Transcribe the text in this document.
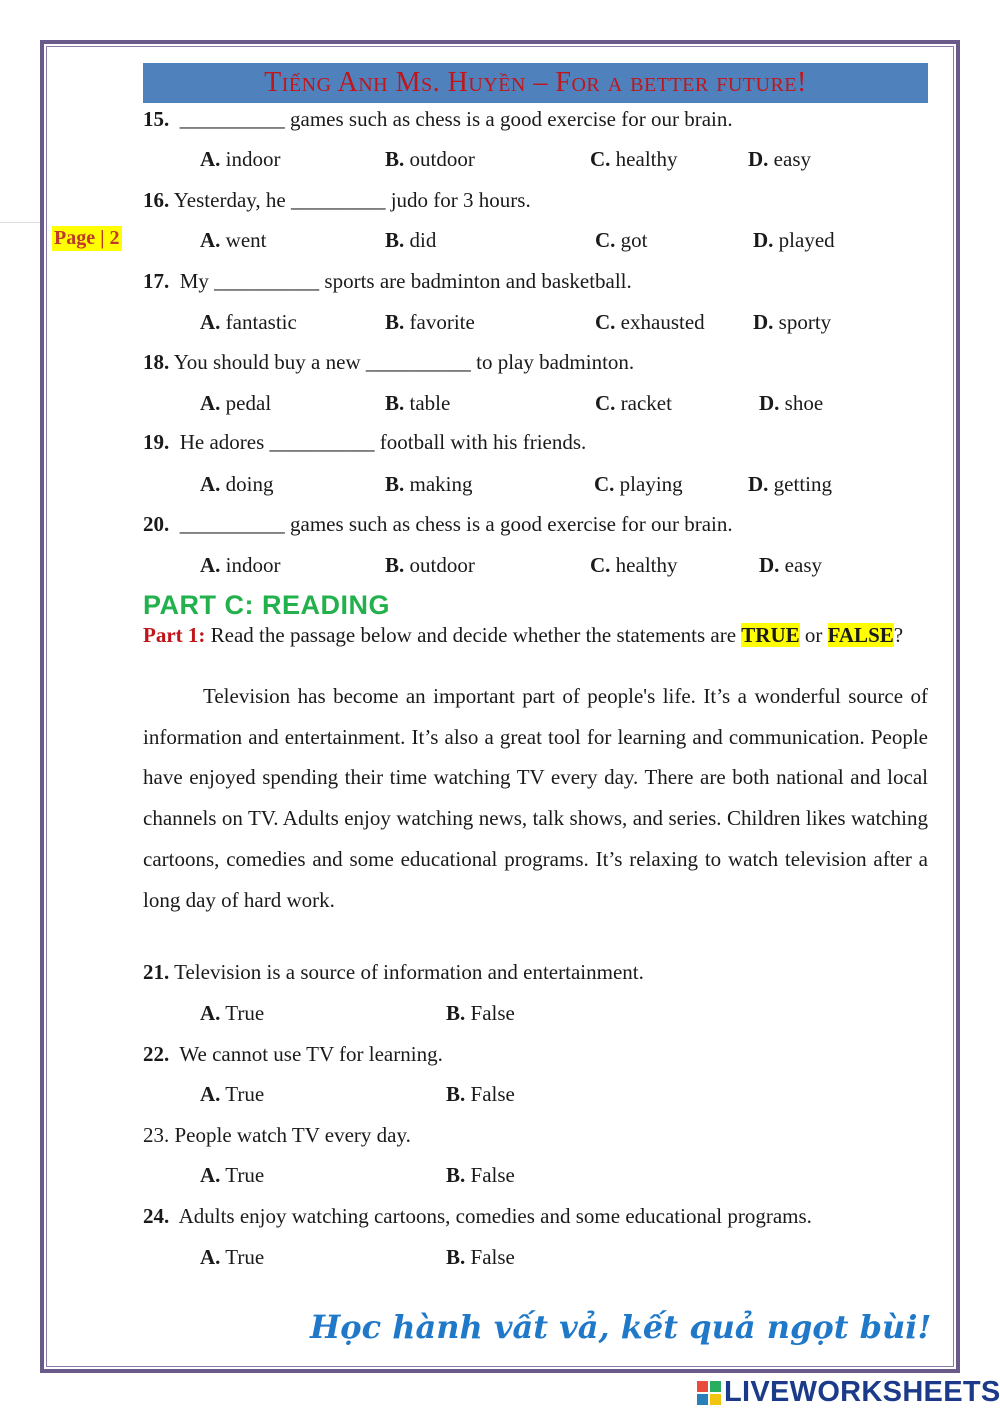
Tiếng Anh Ms. Huyền – For a better future!
Page | 2
15. __________ games such as chess is a good exercise for our brain.
A. indoor	B. outdoor	C. healthy	D. easy
16. Yesterday, he _________ judo for 3 hours.
A. went	B. did	C. got	D. played
17. My __________ sports are badminton and basketball.
A. fantastic	B. favorite	C. exhausted D. sporty
18. You should buy a new __________ to play badminton.
A. pedal	B. table	C. racket	D. shoe
19. He adores __________ football with his friends.
A. doing	B. making	C. playing	D. getting
20. __________ games such as chess is a good exercise for our brain.
A. indoor	B. outdoor	C. healthy	D. easy
PART C: READING
Part 1: Read the passage below and decide whether the statements are TRUE or FALSE?
Television has become an important part of people's life. It’s a wonderful source of information and entertainment. It’s also a great tool for learning and communication. People have enjoyed spending their time watching TV every day. There are both national and local channels on TV. Adults enjoy watching news, talk shows, and series. Children likes watching cartoons, comedies and some educational programs. It’s relaxing to watch television after a long day of hard work.
21. Television is a source of information and entertainment.
A. True	B. False
22. We cannot use TV for learning.
A. True	B. False
23. People watch TV every day.
A. True	B. False
24. Adults enjoy watching cartoons, comedies and some educational programs.
A. True	B. False
Học hành vất vả, kết quả ngọt bùi!
LIVEWORKSHEETS
